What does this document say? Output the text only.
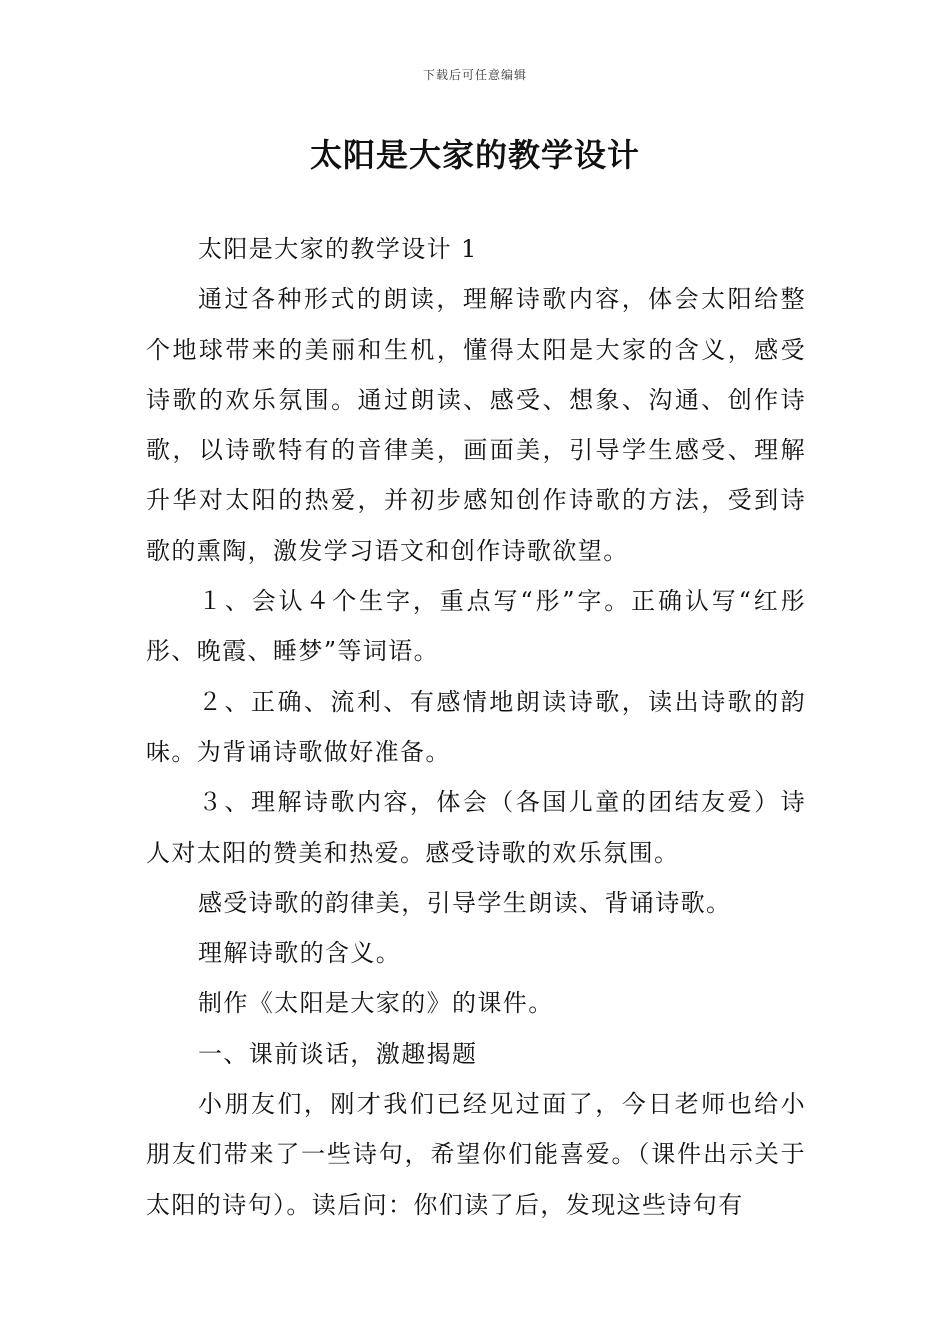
下载后可任意编辑
太阳是大家的教学设计

太阳是大家的教学设计 1

通过各种形式的朗读，理解诗歌内容，体会太阳给整个地球带来的美丽和生机，懂得太阳是大家的含义，感受诗歌的欢乐氛围。通过朗读、感受、想象、沟通、创作诗歌，以诗歌特有的音律美，画面美，引导学生感受、理解升华对太阳的热爱，并初步感知创作诗歌的方法，受到诗歌的熏陶，激发学习语文和创作诗歌欲望。

１、会认４个生字，重点写“彤”字。正确认写“红彤彤、晚霞、睡梦”等词语。

２、正确、流利、有感情地朗读诗歌，读出诗歌的韵味。为背诵诗歌做好准备。

３、理解诗歌内容，体会（各国儿童的团结友爱）诗人对太阳的赞美和热爱。感受诗歌的欢乐氛围。

感受诗歌的韵律美，引导学生朗读、背诵诗歌。

理解诗歌的含义。

制作《太阳是大家的》的课件。

一、课前谈话，激趣揭题

小朋友们，刚才我们已经见过面了，今日老师也给小朋友们带来了一些诗句，希望你们能喜爱。（课件出示关于太阳的诗句）。读后问：你们读了后，发现这些诗句有
